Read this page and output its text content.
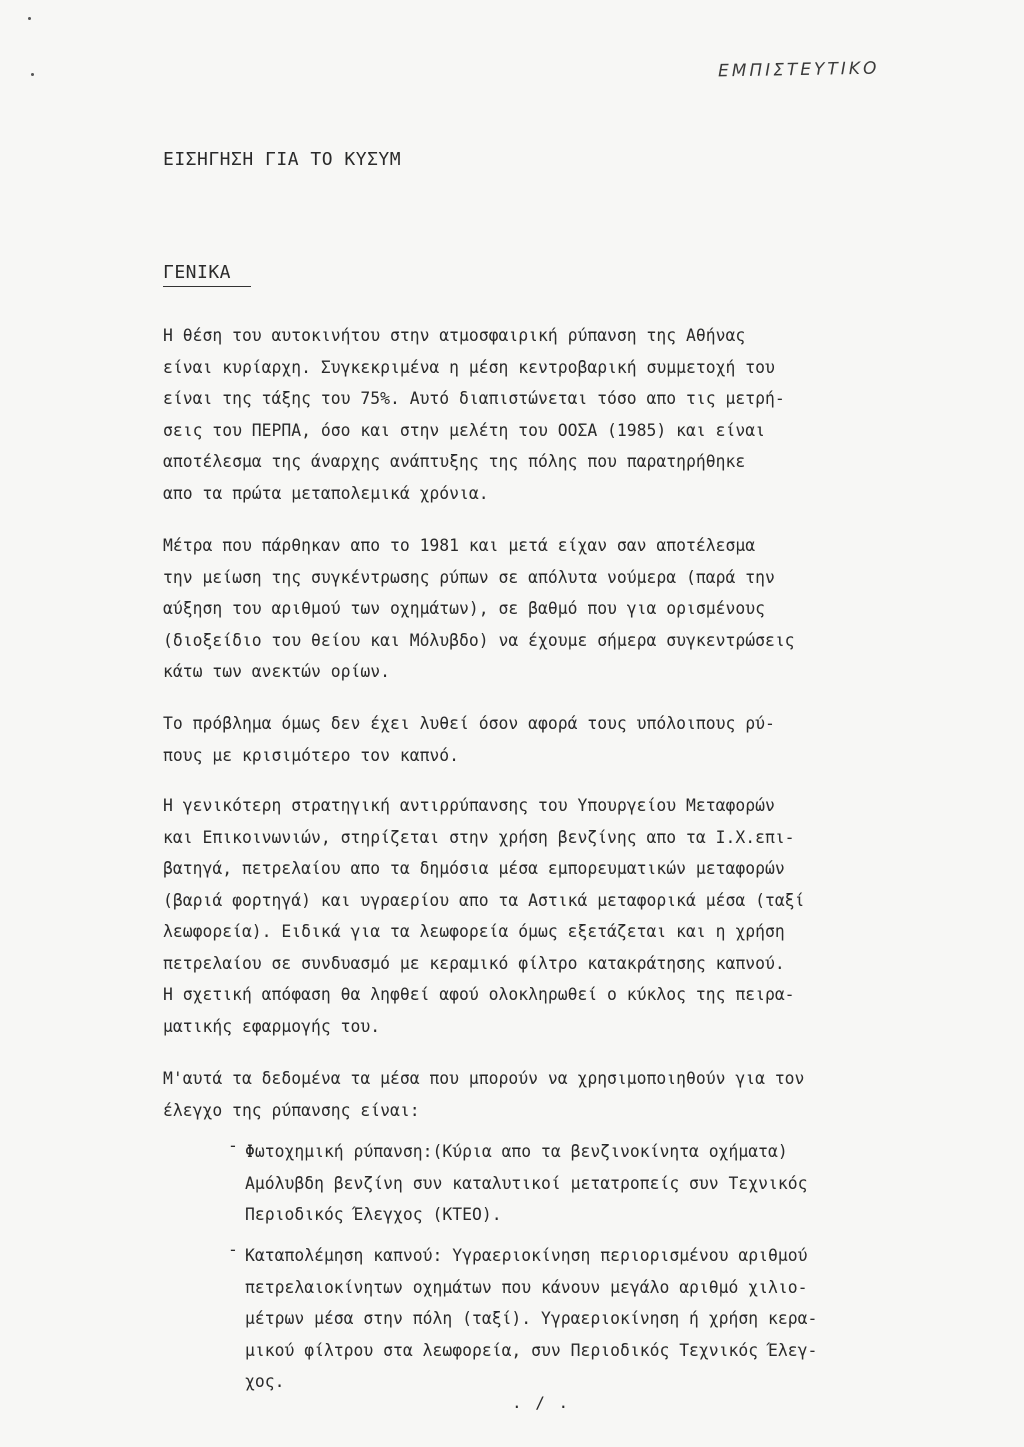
ΕΜΠΙΣΤΕΥΤΙΚΟ
ΕΙΣΗΓΗΣΗ ΓΙΑ ΤΟ ΚΥΣΥΜ
ΓΕΝΙΚΑ

Η θέση του αυτοκινήτου στην ατμοσφαιρική ρύπανση της Αθήνας
είναι κυρίαρχη. Συγκεκριμένα η μέση κεντροβαρική συμμετοχή του
είναι της τάξης του 75%. Αυτό διαπιστώνεται τόσο απο τις μετρή-
σεις του ΠΕΡΠΑ, όσο και στην μελέτη του ΟΟΣΑ (1985) και είναι
αποτέλεσμα της άναρχης ανάπτυξης της πόλης που παρατηρήθηκε
απο τα πρώτα μεταπολεμικά χρόνια.

Μέτρα που πάρθηκαν απο το 1981 και μετά είχαν σαν αποτέλεσμα
την μείωση της συγκέντρωσης ρύπων σε απόλυτα νούμερα (παρά την
αύξηση του αριθμού των οχημάτων), σε βαθμό που για ορισμένους
(διοξείδιο του θείου και Μόλυβδο) να έχουμε σήμερα συγκεντρώσεις
κάτω των ανεκτών ορίων.

Το πρόβλημα όμως δεν έχει λυθεί όσον αφορά τους υπόλοιπους ρύ-
πους με κρισιμότερο τον καπνό.

Η γενικότερη στρατηγική αντιρρύπανσης του Υπουργείου Μεταφορών
και Επικοινωνιών, στηρίζεται στην χρήση βενζίνης απο τα Ι.Χ.επι-
βατηγά, πετρελαίου απο τα δημόσια μέσα εμπορευματικών μεταφορών
(βαριά φορτηγά) και υγραερίου απο τα Αστικά μεταφορικά μέσα (ταξί
λεωφορεία). Ειδικά για τα λεωφορεία όμως εξετάζεται και η χρήση
πετρελαίου σε συνδυασμό με κεραμικό φίλτρο κατακράτησης καπνού.
Η σχετική απόφαση θα ληφθεί αφού ολοκληρωθεί ο κύκλος της πειρα-
ματικής εφαρμογής του.

Μ'αυτά τα δεδομένα τα μέσα που μπορούν να χρησιμοποιηθούν για τον
έλεγχο της ρύπανσης είναι:

- Φωτοχημική ρύπανση:(Κύρια απο τα βενζινοκίνητα οχήματα)
Αμόλυβδη βενζίνη συν καταλυτικοί μετατροπείς συν Τεχνικός
Περιοδικός Έλεγχος (ΚΤΕΟ).

- Καταπολέμηση καπνού: Υγραεριοκίνηση περιορισμένου αριθμού
πετρελαιοκίνητων οχημάτων που κάνουν μεγάλο αριθμό χιλιο-
μέτρων μέσα στην πόλη (ταξί). Υγραεριοκίνηση ή χρήση κερα-
μικού φίλτρου στα λεωφορεία, συν Περιοδικός Τεχνικός Έλεγ-
χος.

. / .
